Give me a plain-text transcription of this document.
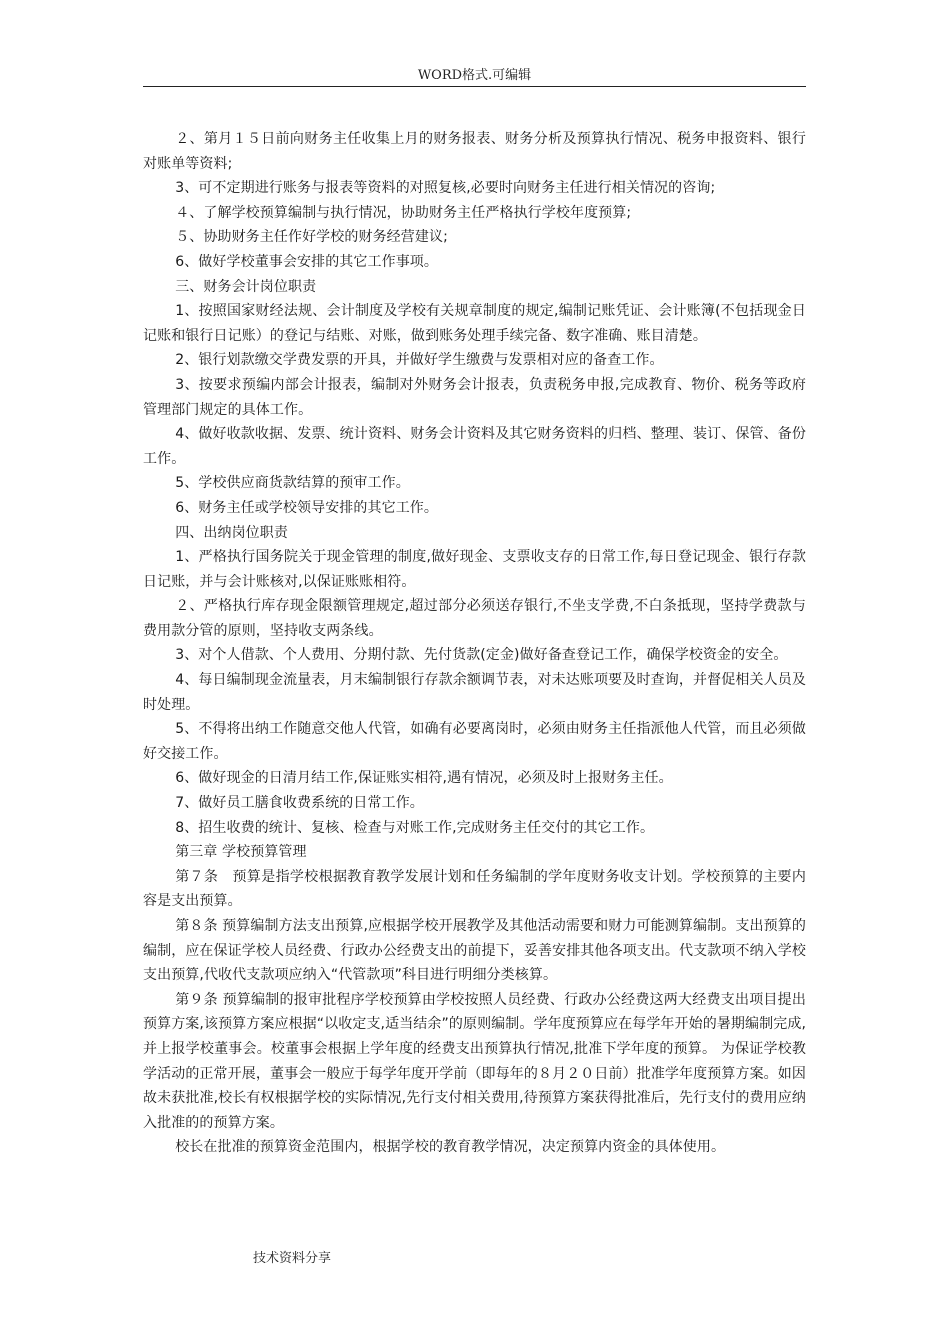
WORD格式.可编辑

２、第月１５日前向财务主任收集上月的财务报表、财务分析及预算执行情况、税务申报资料、银行对账单等资料;

3、可不定期进行账务与报表等资料的对照复核,必要时向财务主任进行相关情况的咨询;

４、了解学校预算编制与执行情况，协助财务主任严格执行学校年度预算;

５、协助财务主任作好学校的财务经营建议;

6、做好学校董事会安排的其它工作事项。

三、财务会计岗位职责

1、按照国家财经法规、会计制度及学校有关规章制度的规定,编制记账凭证、会计账簿(不包括现金日记账和银行日记账）的登记与结账、对账，做到账务处理手续完备、数字准确、账目清楚。

2、银行划款缴交学费发票的开具，并做好学生缴费与发票相对应的备查工作。

3、按要求预编内部会计报表，编制对外财务会计报表，负责税务申报,完成教育、物价、税务等政府管理部门规定的具体工作。

4、做好收款收据、发票、统计资料、财务会计资料及其它财务资料的归档、整理、装订、保管、备份工作。

5、学校供应商货款结算的预审工作。

6、财务主任或学校领导安排的其它工作。

四、出纳岗位职责

1、严格执行国务院关于现金管理的制度,做好现金、支票收支存的日常工作,每日登记现金、银行存款日记账，并与会计账核对,以保证账账相符。

２、严格执行库存现金限额管理规定,超过部分必须送存银行,不坐支学费,不白条抵现，坚持学费款与费用款分管的原则，坚持收支两条线。

3、对个人借款、个人费用、分期付款、先付货款(定金)做好备查登记工作，确保学校资金的安全。

4、每日编制现金流量表，月末编制银行存款余额调节表，对未达账项要及时查询，并督促相关人员及时处理。

5、不得将出纳工作随意交他人代管，如确有必要离岗时，必须由财务主任指派他人代管，而且必须做好交接工作。

6、做好现金的日清月结工作,保证账实相符,遇有情况，必须及时上报财务主任。

7、做好员工膳食收费系统的日常工作。

8、招生收费的统计、复核、检查与对账工作,完成财务主任交付的其它工作。

第三章 学校预算管理

第７条　预算是指学校根据教育教学发展计划和任务编制的学年度财务收支计划。学校预算的主要内容是支出预算。

第８条 预算编制方法支出预算,应根据学校开展教学及其他活动需要和财力可能测算编制。支出预算的编制，应在保证学校人员经费、行政办公经费支出的前提下，妥善安排其他各项支出。代支款项不纳入学校支出预算,代收代支款项应纳入“代管款项”科目进行明细分类核算。

第９条 预算编制的报审批程序学校预算由学校按照人员经费、行政办公经费这两大经费支出项目提出预算方案,该预算方案应根据“以收定支,适当结余”的原则编制。学年度预算应在每学年开始的暑期编制完成,并上报学校董事会。校董事会根据上学年度的经费支出预算执行情况,批准下学年度的预算。 为保证学校教学活动的正常开展，董事会一般应于每学年度开学前（即每年的８月２０日前）批准学年度预算方案。如因故未获批准,校长有权根据学校的实际情况,先行支付相关费用,待预算方案获得批准后，先行支付的费用应纳入批准的的预算方案。

校长在批准的预算资金范围内，根据学校的教育教学情况，决定预算内资金的具体使用。

技术资料分享
